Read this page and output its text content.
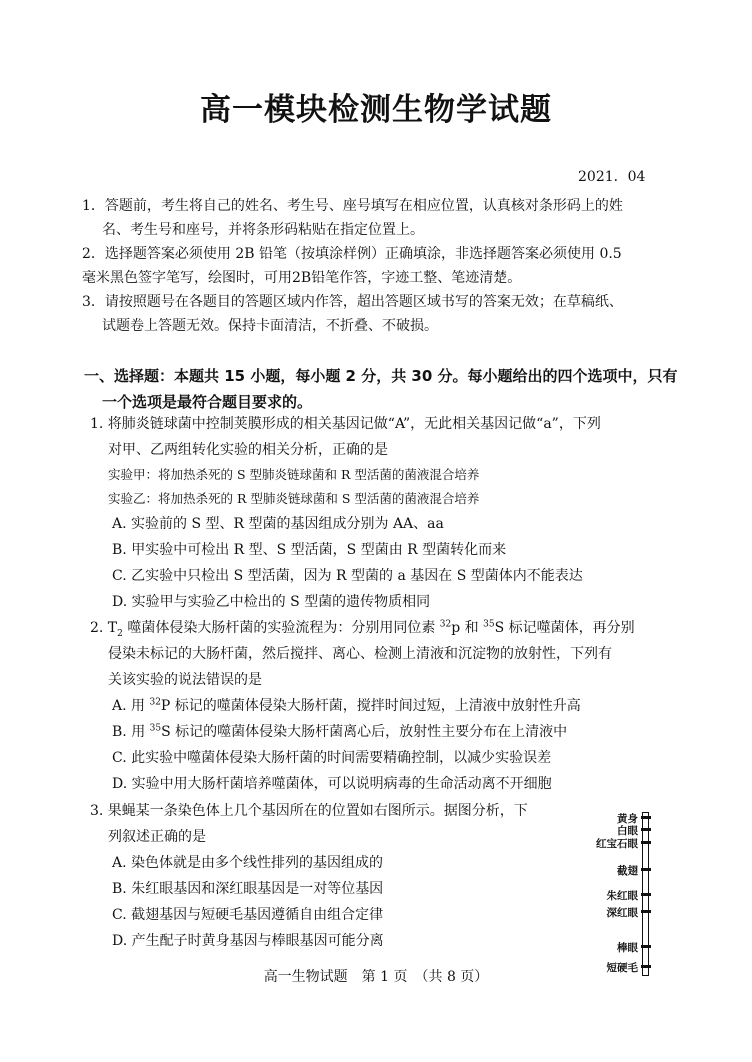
高一模块检测生物学试题
2021．04
1．答题前，考生将自己的姓名、考生号、座号填写在相应位置，认真核对条形码上的姓
名、考生号和座号，并将条形码粘贴在指定位置上。
2．选择题答案必须使用 2B 铅笔（按填涂样例）正确填涂，非选择题答案必须使用 0.5
毫米黑色签字笔写，绘图时，可用2B铅笔作答，字迹工整、笔迹清楚。
3．请按照题号在各题目的答题区域内作答，超出答题区域书写的答案无效；在草稿纸、
试题卷上答题无效。保持卡面清洁，不折叠、不破损。
一、选择题：本题共 15 小题，每小题 2 分，共 30 分。每小题给出的四个选项中，只有
一个选项是最符合题目要求的。
1. 将肺炎链球菌中控制荚膜形成的相关基因记做“A”，无此相关基因记做“a”，下列
对甲、乙两组转化实验的相关分析，正确的是
实验甲：将加热杀死的 S 型肺炎链球菌和 R 型活菌的菌液混合培养
实验乙：将加热杀死的 R 型肺炎链球菌和 S 型活菌的菌液混合培养
A. 实验前的 S 型、R 型菌的基因组成分别为 AA、aa
B. 甲实验中可检出 R 型、S 型活菌，S 型菌由 R 型菌转化而来
C. 乙实验中只检出 S 型活菌，因为 R 型菌的 a 基因在 S 型菌体内不能表达
D. 实验甲与实验乙中检出的 S 型菌的遗传物质相同
2. $T_2$ 噬菌体侵染大肠杆菌的实验流程为：分别用同位素 $^{32}$p 和 $^{35}$S 标记噬菌体，再分别
侵染未标记的大肠杆菌，然后搅拌、离心、检测上清液和沉淀物的放射性，下列有
关该实验的说法错误的是
A. 用 $^{32}$P 标记的噬菌体侵染大肠杆菌，搅拌时间过短，上清液中放射性升高
B. 用 $^{35}$S 标记的噬菌体侵染大肠杆菌离心后，放射性主要分布在上清液中
C. 此实验中噬菌体侵染大肠杆菌的时间需要精确控制，以减少实验误差
D. 实验中用大肠杆菌培养噬菌体，可以说明病毒的生命活动离不开细胞
3. 果蝇某一条染色体上几个基因所在的位置如右图所示。据图分析，下
列叙述正确的是
A. 染色体就是由多个线性排列的基因组成的
B. 朱红眼基因和深红眼基因是一对等位基因
C. 截翅基因与短硬毛基因遵循自由组合定律
D. 产生配子时黄身基因与棒眼基因可能分离
黄身
白眼
红宝石眼
截翅
朱红眼
深红眼
棒眼
短硬毛
高一生物试题　第 1 页　（共 8 页）
